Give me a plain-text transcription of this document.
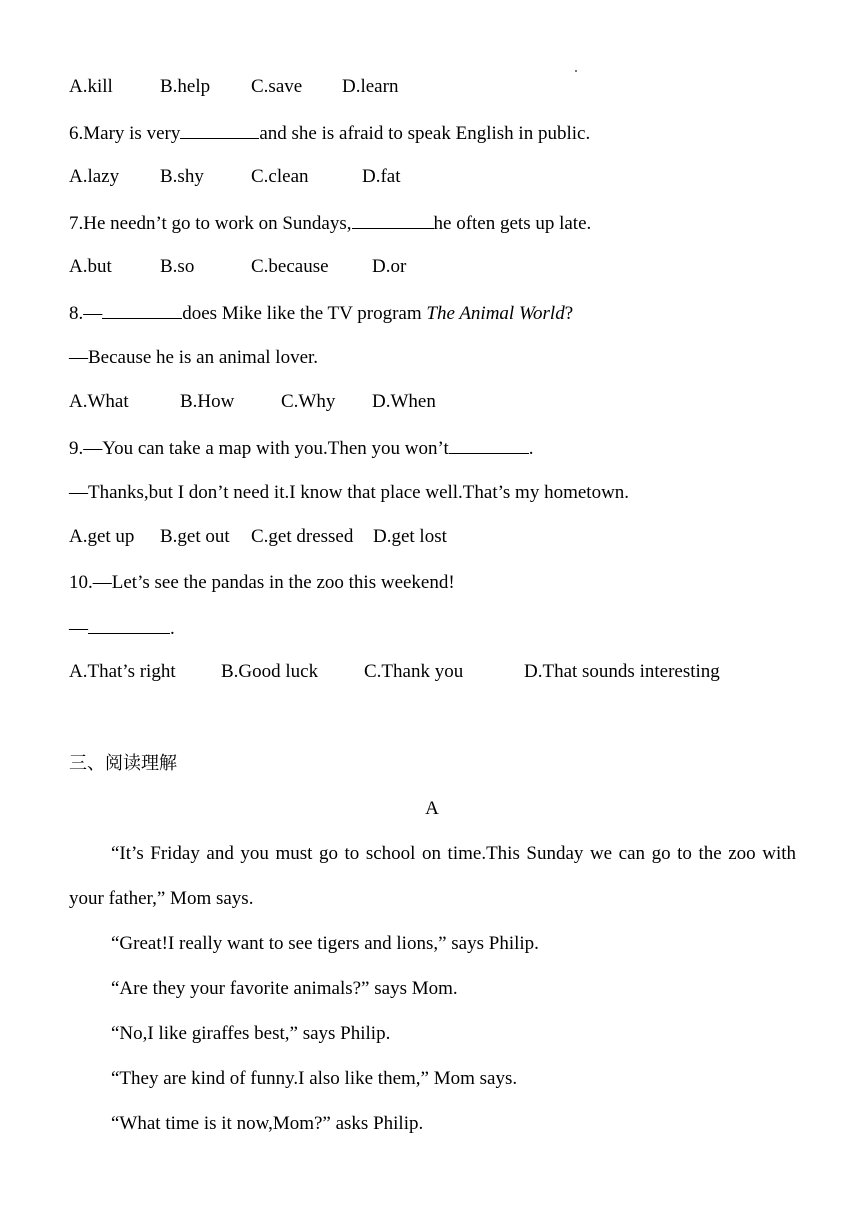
A.kill B.help C.save D.learn
6.Mary is very	and she is afraid to speak English in public.
A.lazy B.shy C.clean	D.fat
7.He needn’t go to work on Sundays,	he often gets up late.
A.but	B.so	C.because D.or
8.—	does Mike like the TV program The Animal World?
—Because he is an animal lover.
A.What	B.How C.Why D.When
9.—You can take a map with you.Then you won’t	.
—Thanks,but I don’t need it.I know that place well.That’s my hometown.
A.get up B.get out C.get dressed D.get lost
10.—Let’s see the pandas in the zoo this weekend!
—	.
A.That’s right B.Good luck C.Thank you	D.That sounds interesting
三、阅读理解
A
“It’s Friday and you must go to school on time.This Sunday we can go to the zoo with your father,” Mom says.
“Great!I really want to see tigers and lions,” says Philip.
“Are they your favorite animals?” says Mom.
“No,I like giraffes best,” says Philip.
“They are kind of funny.I also like them,” Mom says.
“What time is it now,Mom?” asks Philip.
